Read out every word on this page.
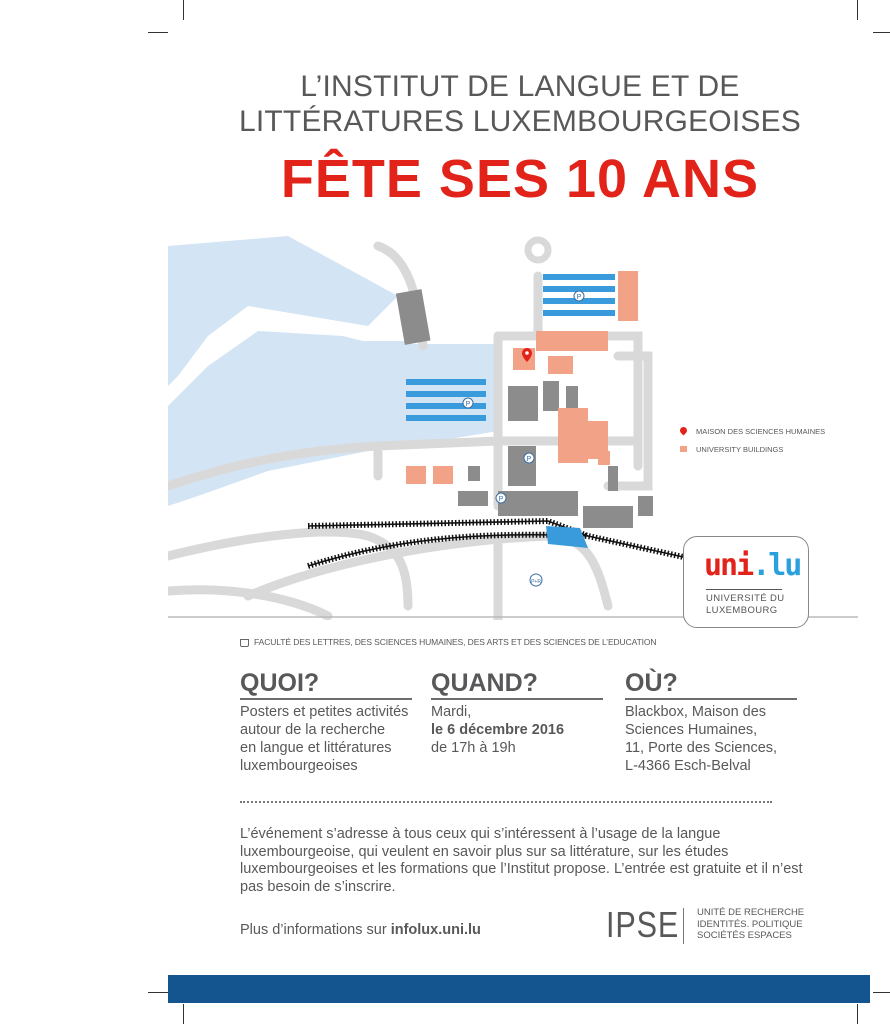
L’INSTITUT DE LANGUE ET DE
LITTÉRATURES LUXEMBOURGEOISES
FÊTE SES 10 ANS
P
P
P
P
P+R
MAISON DES SCIENCES HUMAINES
UNIVERSITY BUILDINGS
uni.lu
UNIVERSITÉ DU
LUXEMBOURG
FACULTÉ DES LETTRES, DES SCIENCES HUMAINES, DES ARTS ET DES SCIENCES DE L’EDUCATION
QUOI?
Posters et petites activités
autour de la recherche
en langue et littératures
luxembourgeoises
QUAND?
Mardi,
le 6 décembre 2016
de 17h à 19h
OÙ?
Blackbox, Maison des
Sciences Humaines,
11, Porte des Sciences,
L-4366 Esch-Belval
L’événement s’adresse à tous ceux qui s’intéressent à l’usage de la langue luxembourgeoise, qui veulent en savoir plus sur sa littérature, sur les études luxembourgeoises et les formations que l’Institut propose. L’entrée est gratuite et il n’est pas besoin de s’inscrire.
Plus d’informations sur infolux.uni.lu	IPSE UNITÉ DE RECHERCHE
IDENTITÉS. POLITIQUE
SOCIÉTÉS ESPACES
